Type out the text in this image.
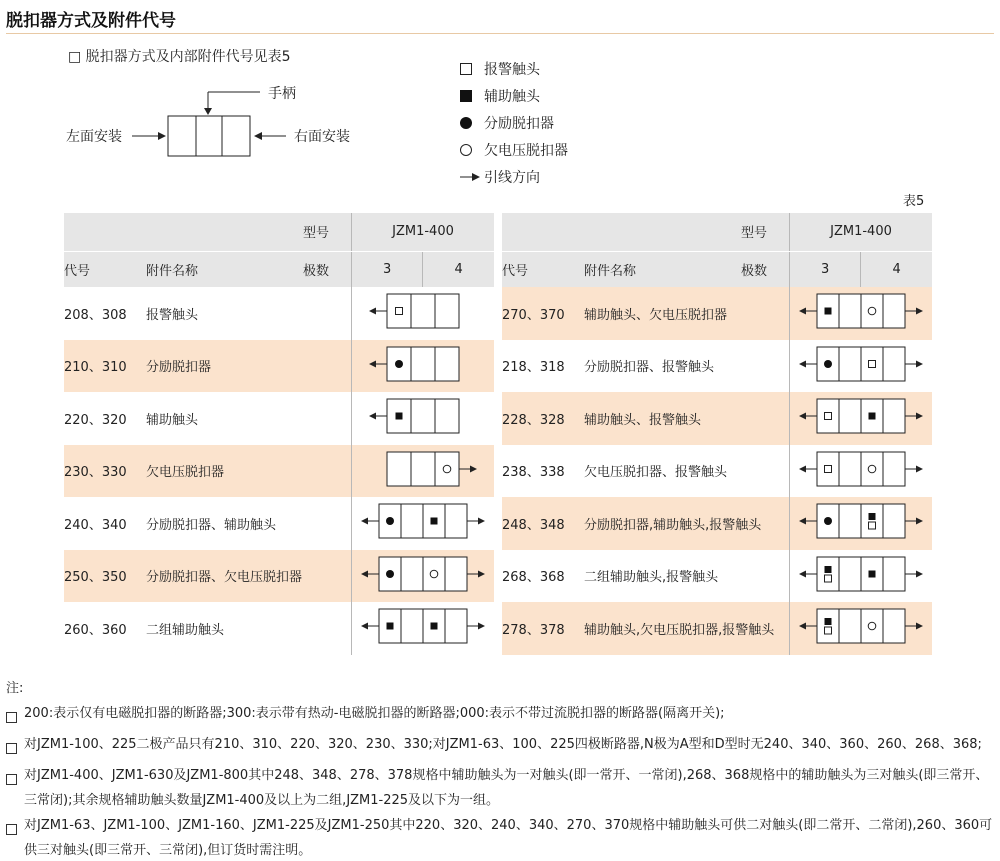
脱扣器方式及附件代号
□ 脱扣器方式及内部附件代号见表5
手柄
左面安装	右面安装
报警触头
辅助触头
分励脱扣器
欠电压脱扣器
引线方向
表5
型号			JZM1-400	
代号	附件名称	极数	3	4
208、308	报警触头	
210、310	分励脱扣器	
220、320	辅助触头	
230、330	欠电压脱扣器	
240、340	分励脱扣器、辅助触头	
250、350	分励脱扣器、欠电压脱扣器	
260、360	二组辅助触头	
型号			JZM1-400	
代号	附件名称	极数	3	4
270、370	辅助触头、欠电压脱扣器	
218、318	分励脱扣器、报警触头	
228、328	辅助触头、报警触头	
238、338	欠电压脱扣器、报警触头	
248、348	分励脱扣器,辅助触头,报警触头	
268、368	二组辅助触头,报警触头	
278、378	辅助触头,欠电压脱扣器,报警触头	
注:
200:表示仅有电磁脱扣器的断路器;300:表示带有热动-电磁脱扣器的断路器;000:表示不带过流脱扣器的断路器(隔离开关);
对JZM1-100、225二极产品只有210、310、220、320、230、330;对JZM1-63、100、225四极断路器,N极为A型和D型时无240、340、360、260、268、368;
对JZM1-400、JZM1-630及JZM1-800其中248、348、278、378规格中辅助触头为一对触头(即一常开、一常闭),268、368规格中的辅助触头为三对触头(即三常开、三常闭);其余规格辅助触头数量JZM1-400及以上为二组,JZM1-225及以下为一组。
对JZM1-63、JZM1-100、JZM1-160、JZM1-225及JZM1-250其中220、320、240、340、270、370规格中辅助触头可供二对触头(即二常开、二常闭),260、360可供三对触头(即三常开、三常闭),但订货时需注明。
